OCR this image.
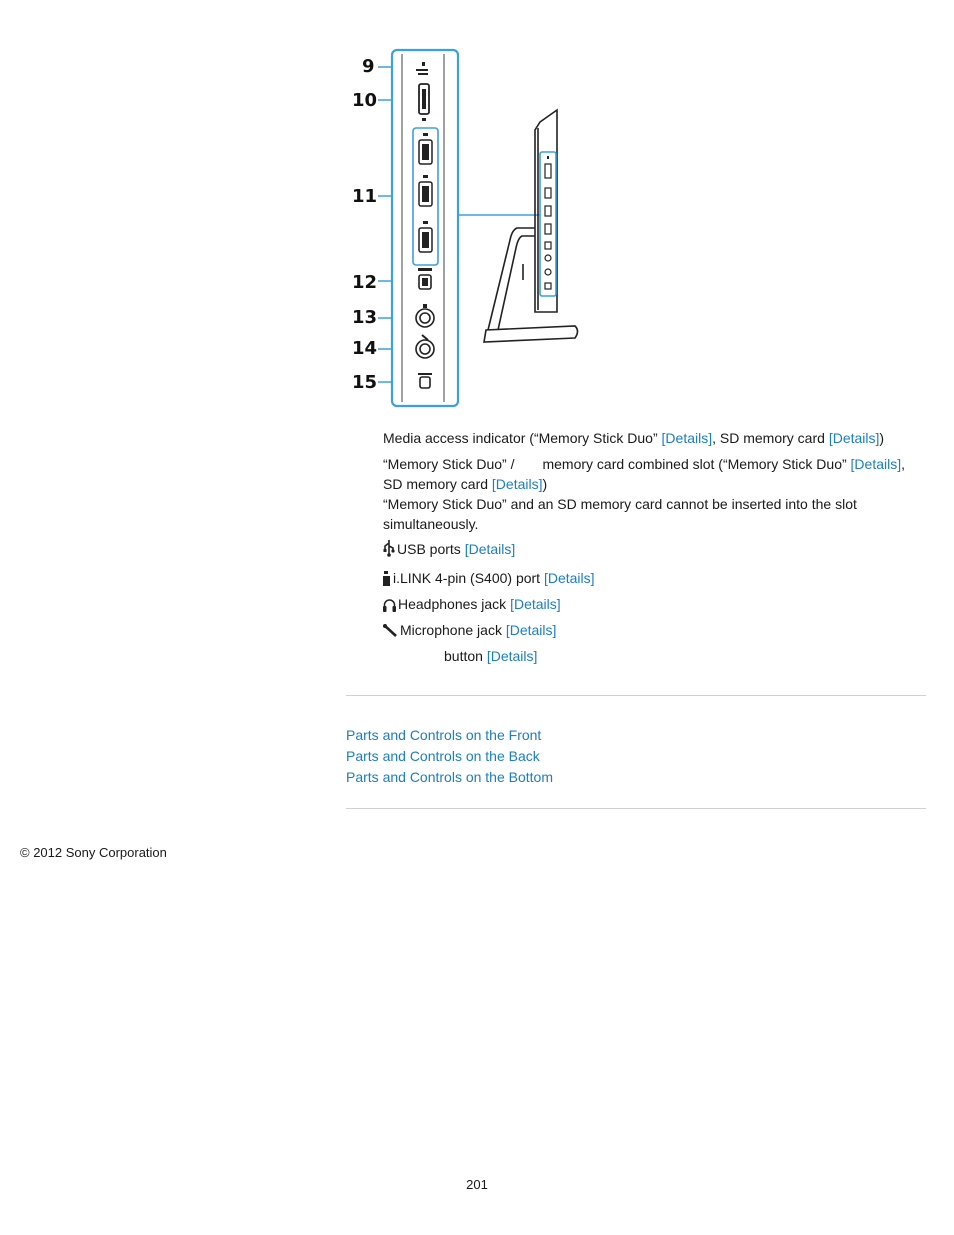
9
10
11
12
13
14
15
Media access indicator (“Memory Stick Duo” [Details], SD memory card [Details])
“Memory Stick Duo” / memory card combined slot (“Memory Stick Duo” [Details],
SD memory card [Details])
“Memory Stick Duo” and an SD memory card cannot be inserted into the slot simultaneously.
USB ports [Details]
i.LINK 4-pin (S400) port [Details]
Headphones jack [Details]
Microphone jack [Details]
button [Details]
Parts and Controls on the Front
Parts and Controls on the Back
Parts and Controls on the Bottom
© 2012 Sony Corporation
201
